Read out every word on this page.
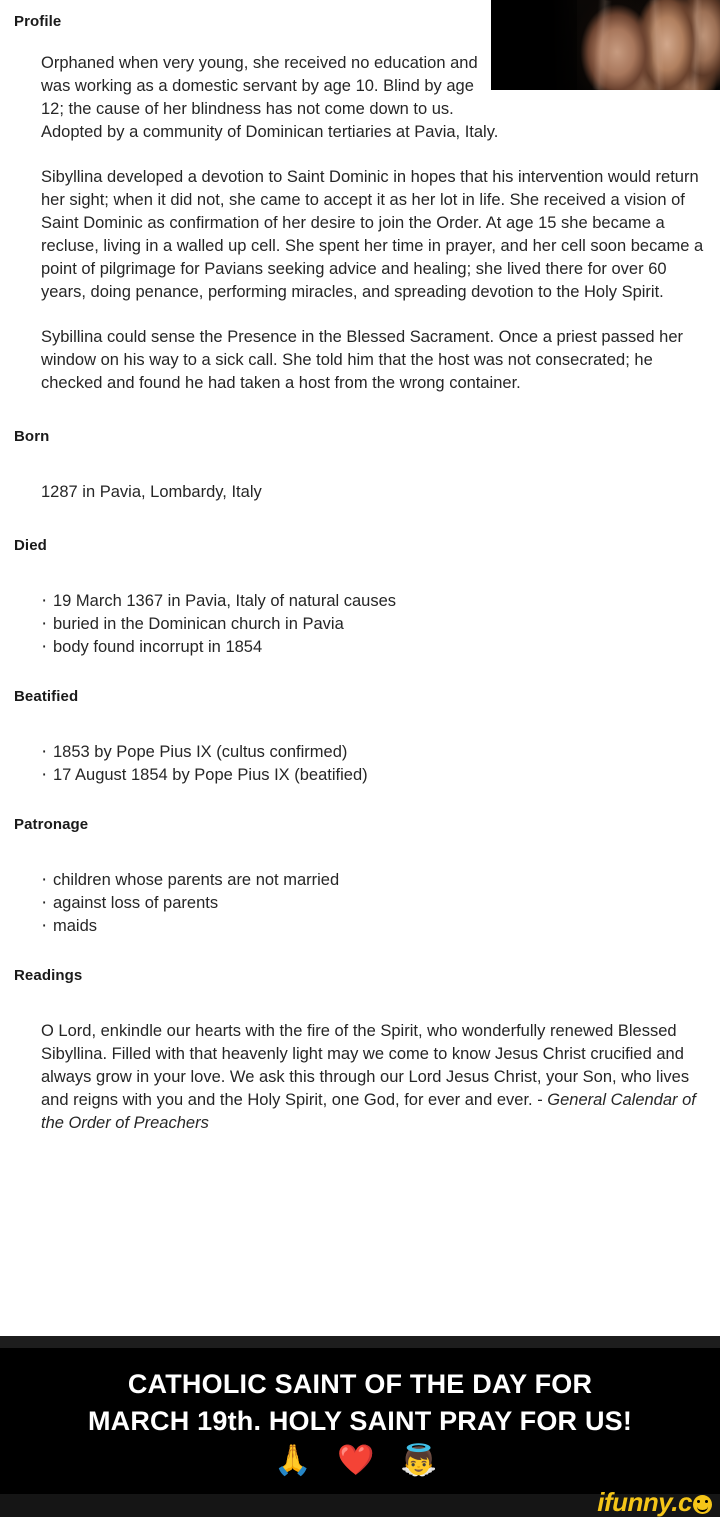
Profile

Orphaned when very young, she received no education and was working as a domestic servant by age 10. Blind by age 12; the cause of her blindness has not come down to us. Adopted by a community of Dominican tertiaries at Pavia, Italy.

Sibyllina developed a devotion to Saint Dominic in hopes that his intervention would return her sight; when it did not, she came to accept it as her lot in life. She received a vision of Saint Dominic as confirmation of her desire to join the Order. At age 15 she became a recluse, living in a walled up cell. She spent her time in prayer, and her cell soon became a point of pilgrimage for Pavians seeking advice and healing; she lived there for over 60 years, doing penance, performing miracles, and spreading devotion to the Holy Spirit.

Sybillina could sense the Presence in the Blessed Sacrament. Once a priest passed her window on his way to a sick call. She told him that the host was not consecrated; he checked and found he had taken a host from the wrong container.

Born

1287 in Pavia, Lombardy, Italy

Died
· 19 March 1367 in Pavia, Italy of natural causes
· buried in the Dominican church in Pavia
· body found incorrupt in 1854
Beatified
· 1853 by Pope Pius IX (cultus confirmed)
· 17 August 1854 by Pope Pius IX (beatified)
Patronage
· children whose parents are not married
· against loss of parents
· maids
Readings

O Lord, enkindle our hearts with the fire of the Spirit, who wonderfully renewed Blessed Sibyllina. Filled with that heavenly light may we come to know Jesus Christ crucified and always grow in your love. We ask this through our Lord Jesus Christ, your Son, who lives and reigns with you and the Holy Spirit, one God, for ever and ever. - General Calendar of the Order of Preachers

CATHOLIC SAINT OF THE DAY FOR
MARCH 19th. HOLY SAINT PRAY FOR US!
🙏 ❤️ 👼
ifunny.c
